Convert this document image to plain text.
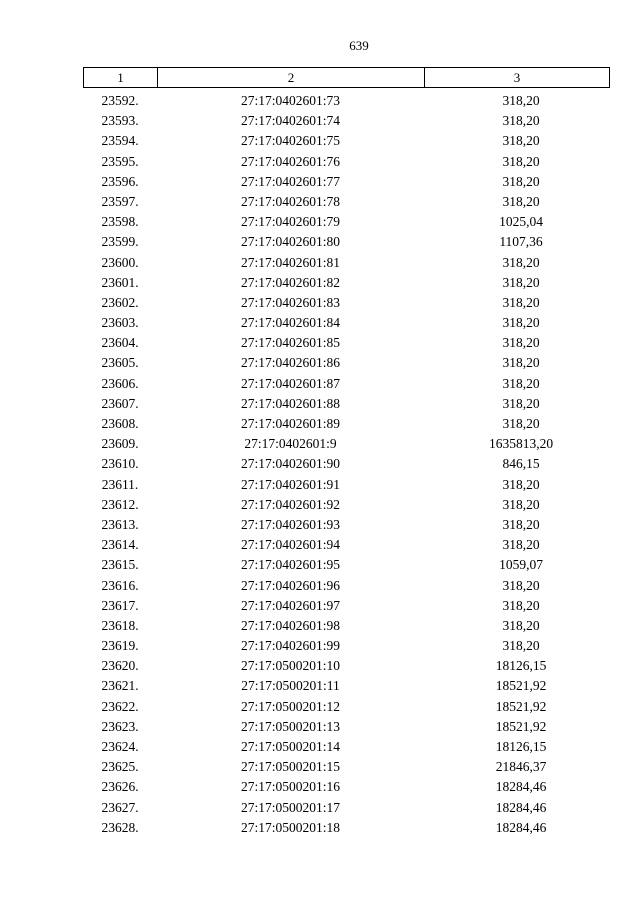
639
1	2	3
23592.	27:17:0402601:73	318,20
23593.	27:17:0402601:74	318,20
23594.	27:17:0402601:75	318,20
23595.	27:17:0402601:76	318,20
23596.	27:17:0402601:77	318,20
23597.	27:17:0402601:78	318,20
23598.	27:17:0402601:79	1025,04
23599.	27:17:0402601:80	1107,36
23600.	27:17:0402601:81	318,20
23601.	27:17:0402601:82	318,20
23602.	27:17:0402601:83	318,20
23603.	27:17:0402601:84	318,20
23604.	27:17:0402601:85	318,20
23605.	27:17:0402601:86	318,20
23606.	27:17:0402601:87	318,20
23607.	27:17:0402601:88	318,20
23608.	27:17:0402601:89	318,20
23609.	27:17:0402601:9	1635813,20
23610.	27:17:0402601:90	846,15
23611.	27:17:0402601:91	318,20
23612.	27:17:0402601:92	318,20
23613.	27:17:0402601:93	318,20
23614.	27:17:0402601:94	318,20
23615.	27:17:0402601:95	1059,07
23616.	27:17:0402601:96	318,20
23617.	27:17:0402601:97	318,20
23618.	27:17:0402601:98	318,20
23619.	27:17:0402601:99	318,20
23620.	27:17:0500201:10	18126,15
23621.	27:17:0500201:11	18521,92
23622.	27:17:0500201:12	18521,92
23623.	27:17:0500201:13	18521,92
23624.	27:17:0500201:14	18126,15
23625.	27:17:0500201:15	21846,37
23626.	27:17:0500201:16	18284,46
23627.	27:17:0500201:17	18284,46
23628.	27:17:0500201:18	18284,46
